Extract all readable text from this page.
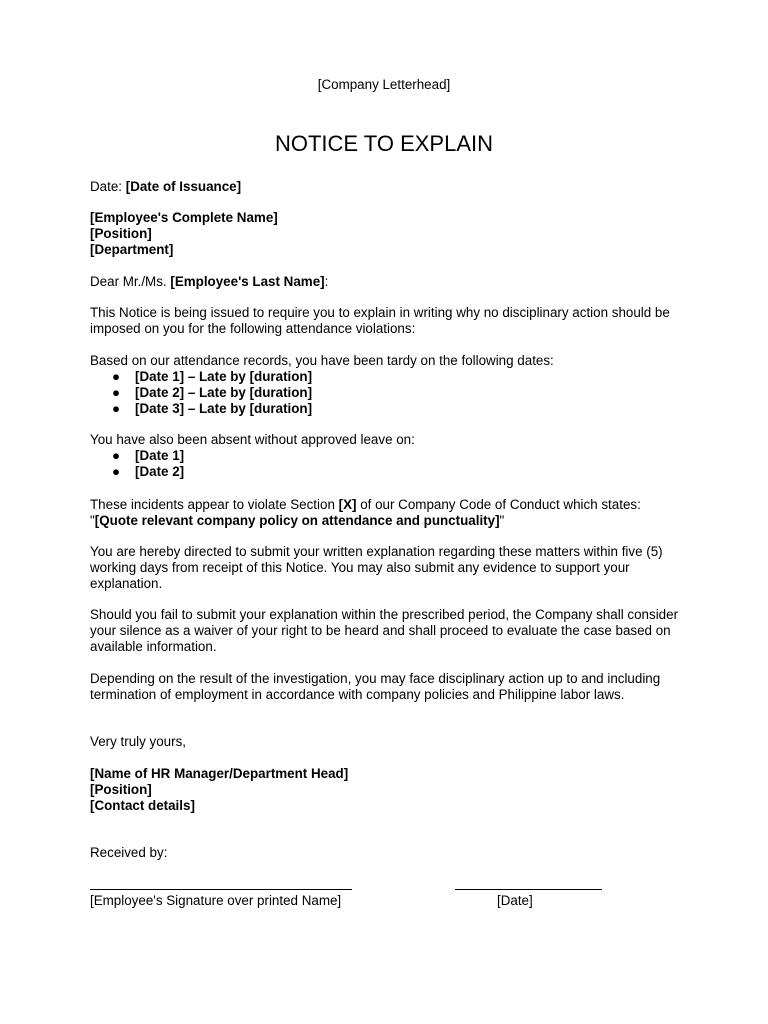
[Company Letterhead]
NOTICE TO EXPLAIN
Date: [Date of Issuance]
[Employee's Complete Name]
[Position]
[Department]
Dear Mr./Ms. [Employee's Last Name]:
This Notice is being issued to require you to explain in writing why no disciplinary action should be imposed on you for the following attendance violations:
Based on our attendance records, you have been tardy on the following dates:
● [Date 1] – Late by [duration]
● [Date 2] – Late by [duration]
● [Date 3] – Late by [duration]
You have also been absent without approved leave on:
● [Date 1]
● [Date 2]
These incidents appear to violate Section [X] of our Company Code of Conduct which states:
"[Quote relevant company policy on attendance and punctuality]"
You are hereby directed to submit your written explanation regarding these matters within five (5) working days from receipt of this Notice. You may also submit any evidence to support your explanation.
Should you fail to submit your explanation within the prescribed period, the Company shall consider your silence as a waiver of your right to be heard and shall proceed to evaluate the case based on available information.
Depending on the result of the investigation, you may face disciplinary action up to and including termination of employment in accordance with company policies and Philippine labor laws.
Very truly yours,
[Name of HR Manager/Department Head]
[Position]
[Contact details]
Received by:
[Employee's Signature over printed Name]	[Date]
